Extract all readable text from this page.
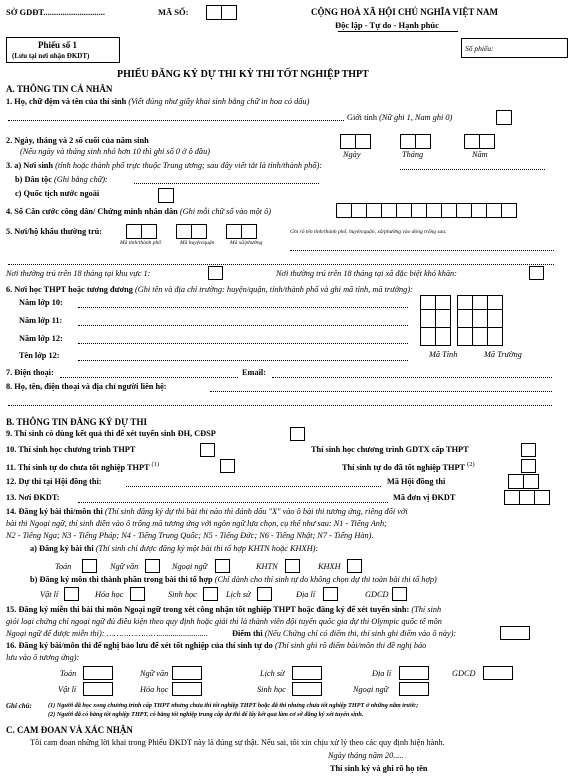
SỞ GDĐT.............................	MÃ SỐ:	CỘNG HOÀ XÃ HỘI CHỦ NGHĨA VIỆT NAM
Độc lập - Tự do - Hạnh phúc
Phiếu số 1
(Lưu tại nơi nhận ĐKDT)
Số phiếu:
PHIẾU ĐĂNG KÝ DỰ THI KỲ THI TỐT NGHIỆP THPT
A. THÔNG TIN CÁ NHÂN
1. Họ, chữ đệm và tên của thí sinh (Viết đúng như giấy khai sinh bằng chữ in hoa có dấu)
Giới tính (Nữ ghi 1, Nam ghi 0)
2. Ngày, tháng và 2 số cuối của năm sinh
(Nếu ngày và tháng sinh nhỏ hơn 10 thì ghi số 0 ở ô đầu)

		Ngày	Tháng	Năm
3. a) Nơi sinh (tỉnh hoặc thành phố trực thuộc Trung ương; sau đây viết tắt là tỉnh/thành phố):
b) Dân tộc (Ghi bằng chữ):
c) Quốc tịch nước ngoài
4. Số Căn cước công dân/ Chứng minh nhân dân (Ghi mỗi chữ số vào một ô)

5. Nơi/hộ khẩu thường trú:

		Ghi rõ tên tỉnh/thành phố, huyện/quận, xã/phường vào dòng trống sau:
Mã tỉnh/thành phố	Mã huyện/quận	Mã xã/phường
Nơi thường trú trên 18 tháng tại khu vực 1:	Nơi thường trú trên 18 tháng tại xã đặc biệt khó khăn:
6. Nơi học THPT hoặc tương đương (Ghi tên và địa chỉ trường: huyện/quận, tỉnh/thành phố và ghi mã tỉnh, mã trường):
Năm lớp 10:
Năm lớp 11:
Năm lớp 12:
Tên lớp 12:

						Mã Tỉnh	Mã Trường
7. Điện thoại:	Email:
8. Họ, tên, điện thoại và địa chỉ người liên hệ:
B. THÔNG TIN ĐĂNG KÝ DỰ THI
9. Thí sinh có dùng kết quả thi để xét tuyển sinh ĐH, CĐSP
10. Thí sinh học chương trình THPT	Thí sinh học chương trình GDTX cấp THPT
11. Thí sinh tự do chưa tốt nghiệp THPT $^{(1)}$	Thí sinh tự do đã tốt nghiệp THPT $^{(2)}$
12. Dự thi tại Hội đồng thi:	Mã Hội đồng thi

13. Nơi ĐKDT:	Mã đơn vị ĐKDT

14. Đăng ký bài thi/môn thi (Thí sinh đăng ký dự thi bài thi nào thì đánh dấu "X" vào ô bài thi tương ứng, riêng đối với
bài thi Ngoại ngữ, thí sinh điền vào ô trống mã tương ứng với ngôn ngữ lựa chọn, cụ thể như sau: N1 - Tiếng Anh;
N2 - Tiếng Nga; N3 - Tiếng Pháp; N4 - Tiếng Trung Quốc; N5 - Tiếng Đức; N6 - Tiếng Nhật; N7 - Tiếng Hàn).
a) Đăng ký bài thi (Thí sinh chỉ được đăng ký một bài thi tổ hợp KHTN hoặc KHXH):
Toán	Ngữ văn	Ngoại ngữ	KHTN	KHXH
b) Đăng ký môn thi thành phần trong bài thi tổ hợp (Chỉ dành cho thí sinh tự do không chọn dự thi toàn bài thi tổ hợp)
Vật lí	Hóa học	Sinh học	Lịch sử	Địa lí	GDCD
15. Đăng ký miễn thi bài thi môn Ngoại ngữ trong xét công nhận tốt nghiệp THPT hoặc đăng ký để xét tuyển sinh: (Thí sinh
giỏi loại chứng chỉ ngoại ngữ đủ điều kiện theo quy định hoặc giải thi là thành viên đội tuyển quốc gia dự thi Olympic quốc tế môn
Ngoại ngữ để được miễn thi): …………………........................	Điểm thi (Nếu Chứng chỉ có điểm thi, thí sinh ghi điểm vào ô này):
16. Đăng ký bài/môn thi để nghị bảo lưu để xét tốt nghiệp của thí sinh tự do (Thí sinh ghi rõ điểm bài/môn thi đề nghị bảo
lưu vào ô tương ứng):
Toán	Ngữ văn	Lịch sử	Địa lí	GDCD
Vật lí	Hóa học	Sinh học	Ngoại ngữ
Ghi chú:	(1) Người đã học xong chương trình cấp THPT nhưng chưa thi tốt nghiệp THPT hoặc đã thi nhưng chưa tốt nghiệp THPT ở những năm trước;
(2) Người đã có bằng tốt nghiệp THPT, có bằng tốt nghiệp trung cấp dự thi để lấy kết quả làm cơ sở đăng ký xét tuyển sinh.
C. CAM ĐOAN VÀ XÁC NHẬN
Tôi cam đoan những lời khai trong Phiếu ĐKDT này là đúng sự thật. Nếu sai, tôi xin chịu xử lý theo các quy định hiện hành.
Ngày tháng năm 20.....
Thí sinh ký và ghi rõ họ tên
